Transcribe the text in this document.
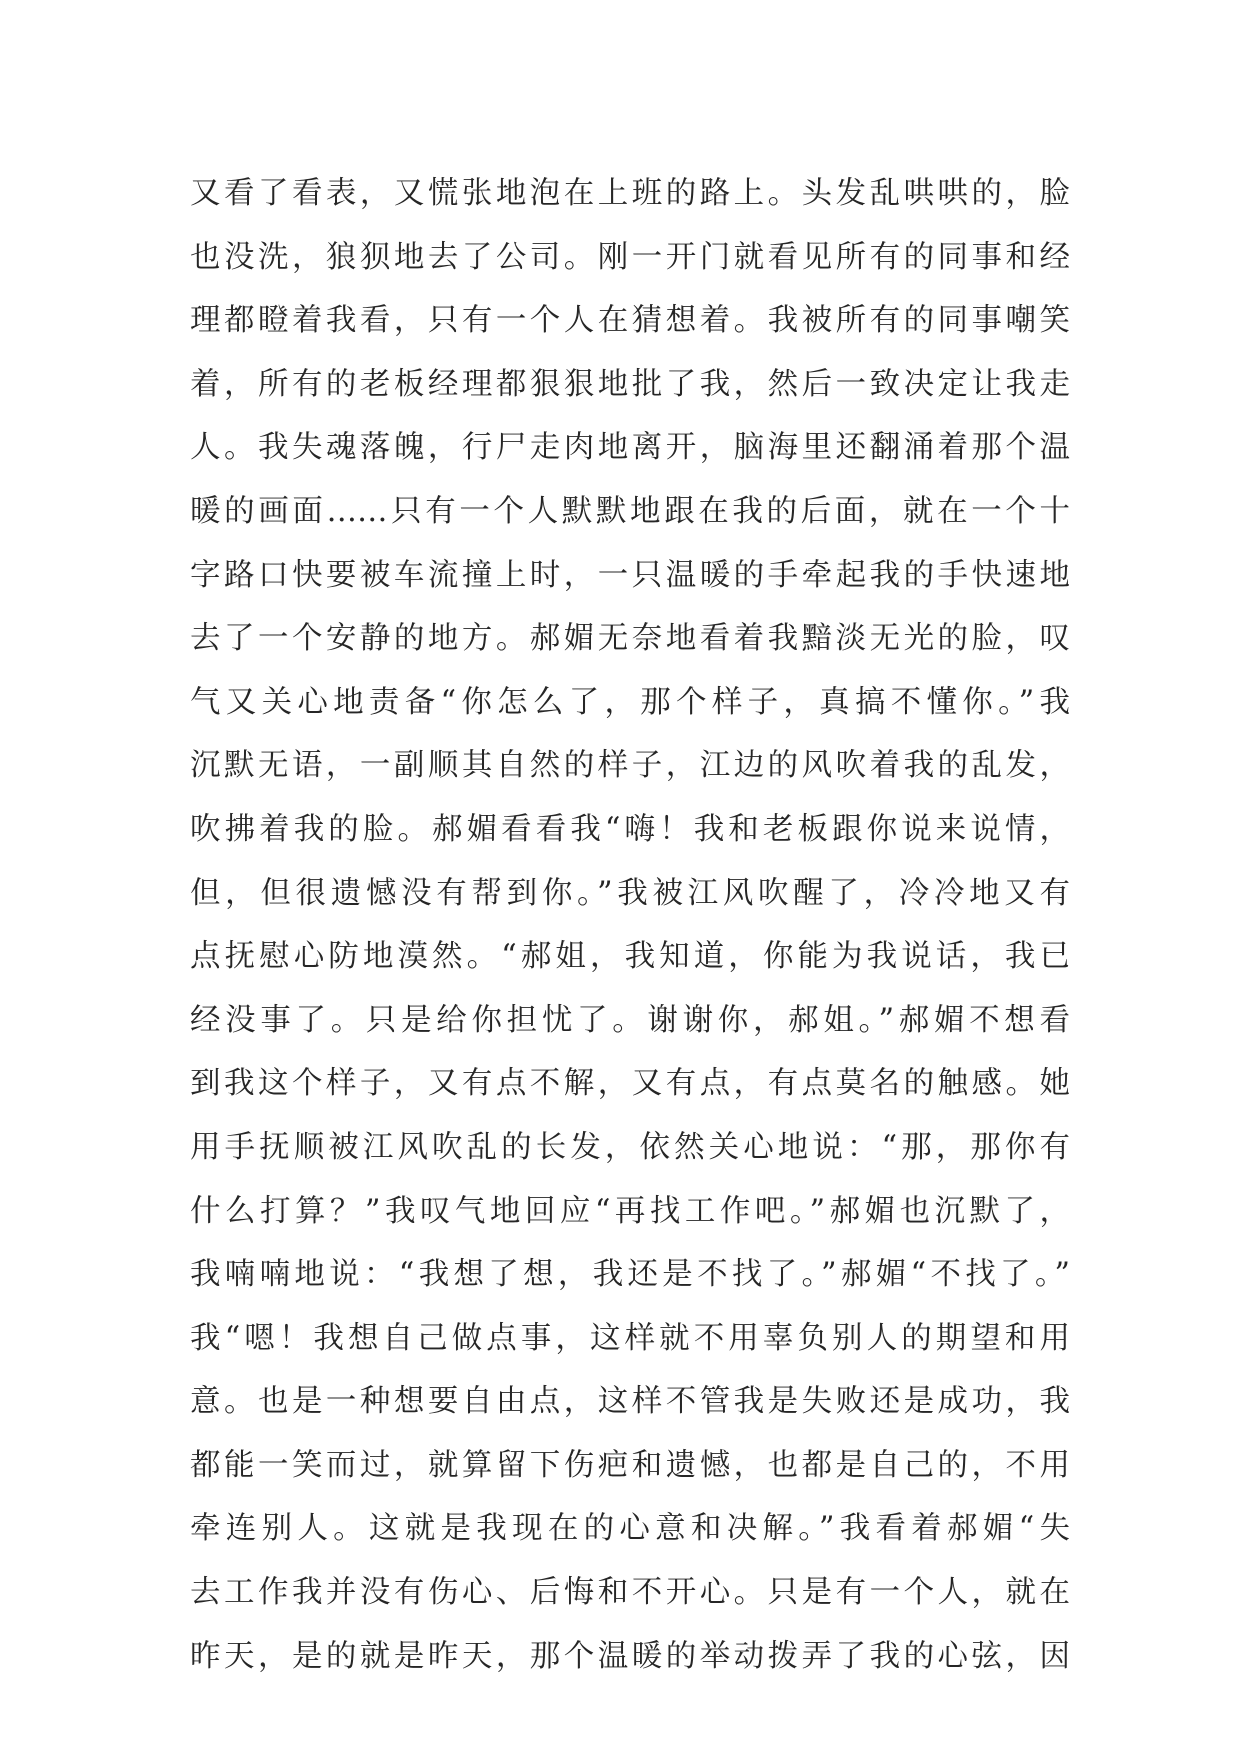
又看了看表，又慌张地泡在上班的路上。头发乱哄哄的，脸
也没洗，狼狈地去了公司。刚一开门就看见所有的同事和经
理都瞪着我看，只有一个人在猜想着。我被所有的同事嘲笑
着，所有的老板经理都狠狠地批了我，然后一致决定让我走
人。我失魂落魄，行尸走肉地离开，脑海里还翻涌着那个温
暖的画面……只有一个人默默地跟在我的后面，就在一个十
字路口快要被车流撞上时，一只温暖的手牵起我的手快速地
去了一个安静的地方。郝媚无奈地看着我黯淡无光的脸，叹
气又关心地责备“你怎么了，那个样子，真搞不懂你。”我
沉默无语，一副顺其自然的样子，江边的风吹着我的乱发，
吹拂着我的脸。郝媚看看我“嗨！我和老板跟你说来说情，
但，但很遗憾没有帮到你。”我被江风吹醒了，冷冷地又有
点抚慰心防地漠然。“郝姐，我知道，你能为我说话，我已
经没事了。只是给你担忧了。谢谢你，郝姐。”郝媚不想看
到我这个样子，又有点不解，又有点，有点莫名的触感。她
用手抚顺被江风吹乱的长发，依然关心地说：“那，那你有
什么打算？”我叹气地回应“再找工作吧。”郝媚也沉默了，
我喃喃地说：“我想了想，我还是不找了。”郝媚“不找了。”
我“嗯！我想自己做点事，这样就不用辜负别人的期望和用
意。也是一种想要自由点，这样不管我是失败还是成功，我
都能一笑而过，就算留下伤疤和遗憾，也都是自己的，不用
牵连别人。这就是我现在的心意和决解。”我看着郝媚“失
去工作我并没有伤心、后悔和不开心。只是有一个人，就在
昨天，是的就是昨天，那个温暖的举动拨弄了我的心弦，因
